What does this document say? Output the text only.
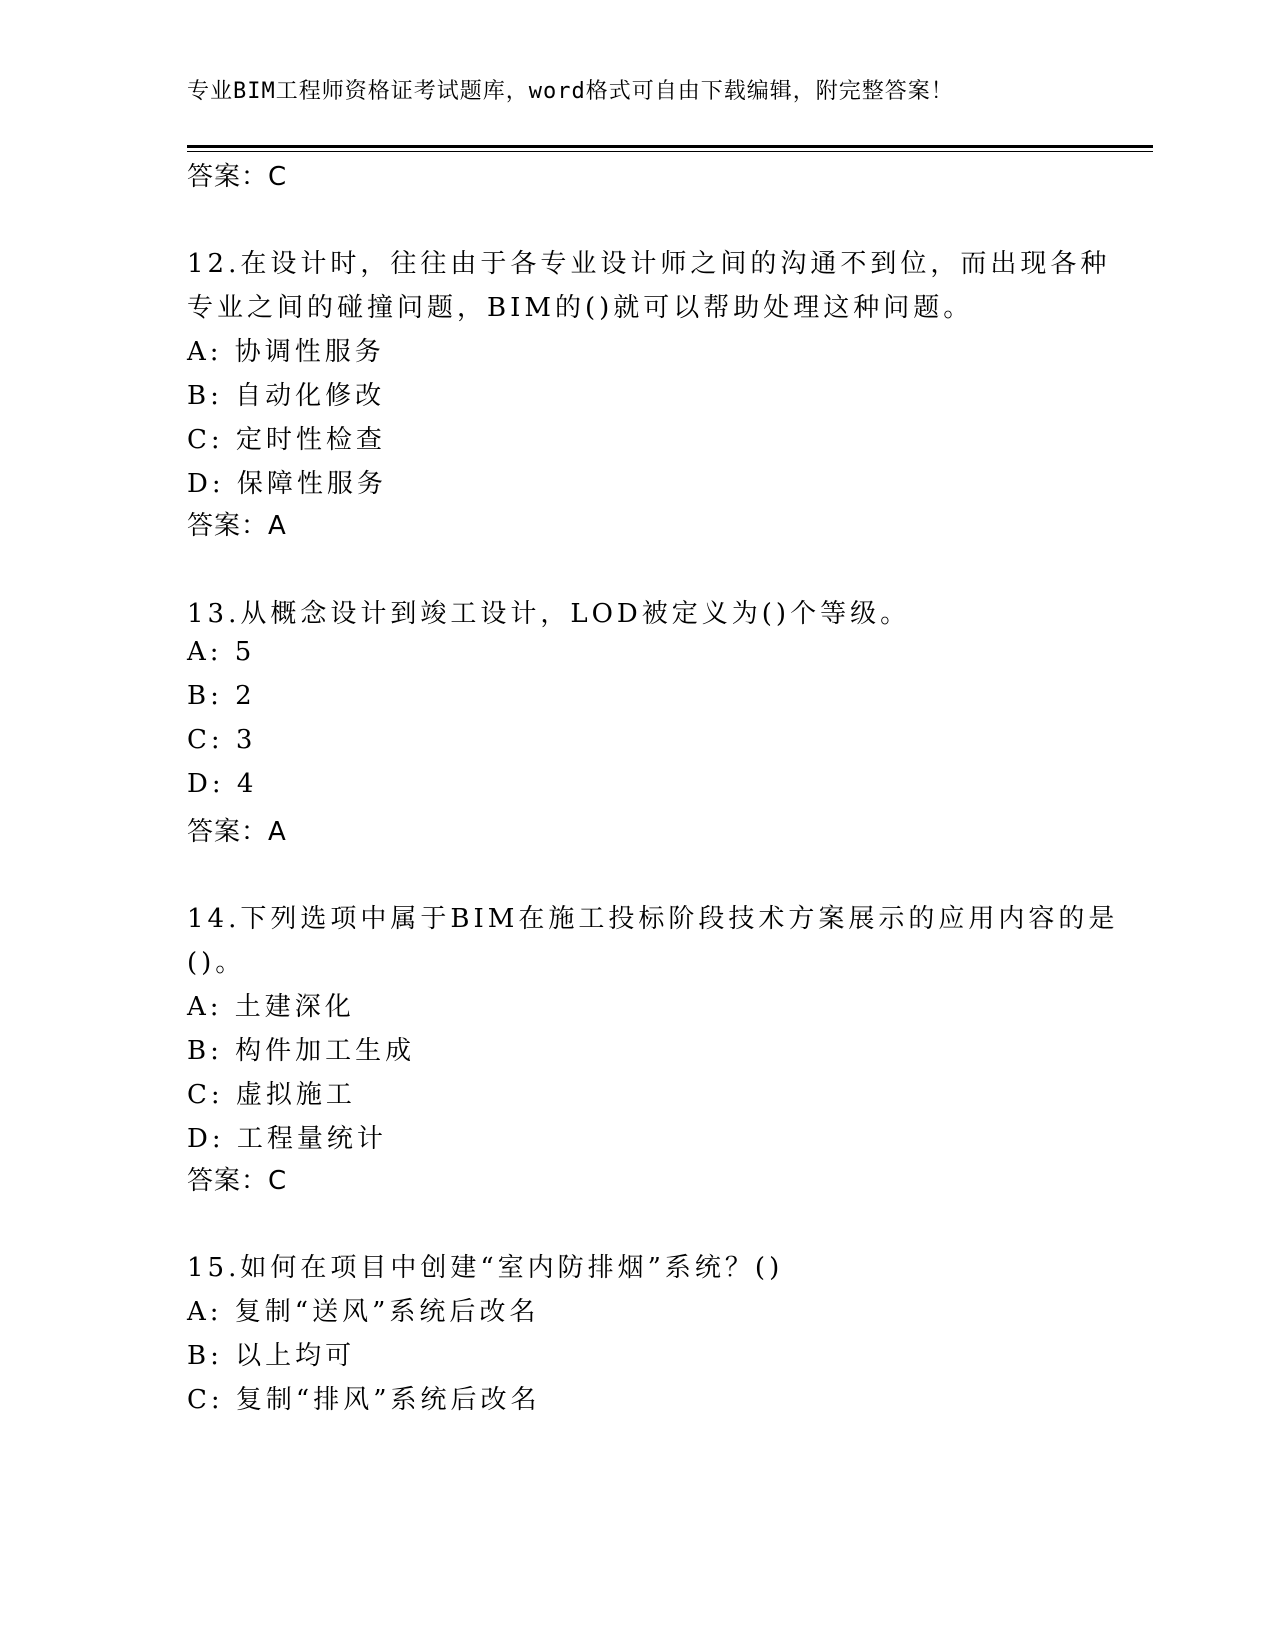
专业BIM工程师资格证考试题库，word格式可自由下载编辑，附完整答案！
答案：C
12.在设计时，往往由于各专业设计师之间的沟通不到位，而出现各种
专业之间的碰撞问题，BIM的()就可以帮助处理这种问题。
A: 协调性服务
B: 自动化修改
C: 定时性检查
D: 保障性服务
答案：A
13.从概念设计到竣工设计，LOD被定义为()个等级。
A: 5
B: 2
C: 3
D: 4
答案：A
14.下列选项中属于BIM在施工投标阶段技术方案展示的应用内容的是
()。
A: 土建深化
B: 构件加工生成
C: 虚拟施工
D: 工程量统计
答案：C
15.如何在项目中创建“室内防排烟”系统？()
A: 复制“送风”系统后改名
B: 以上均可
C: 复制“排风”系统后改名
